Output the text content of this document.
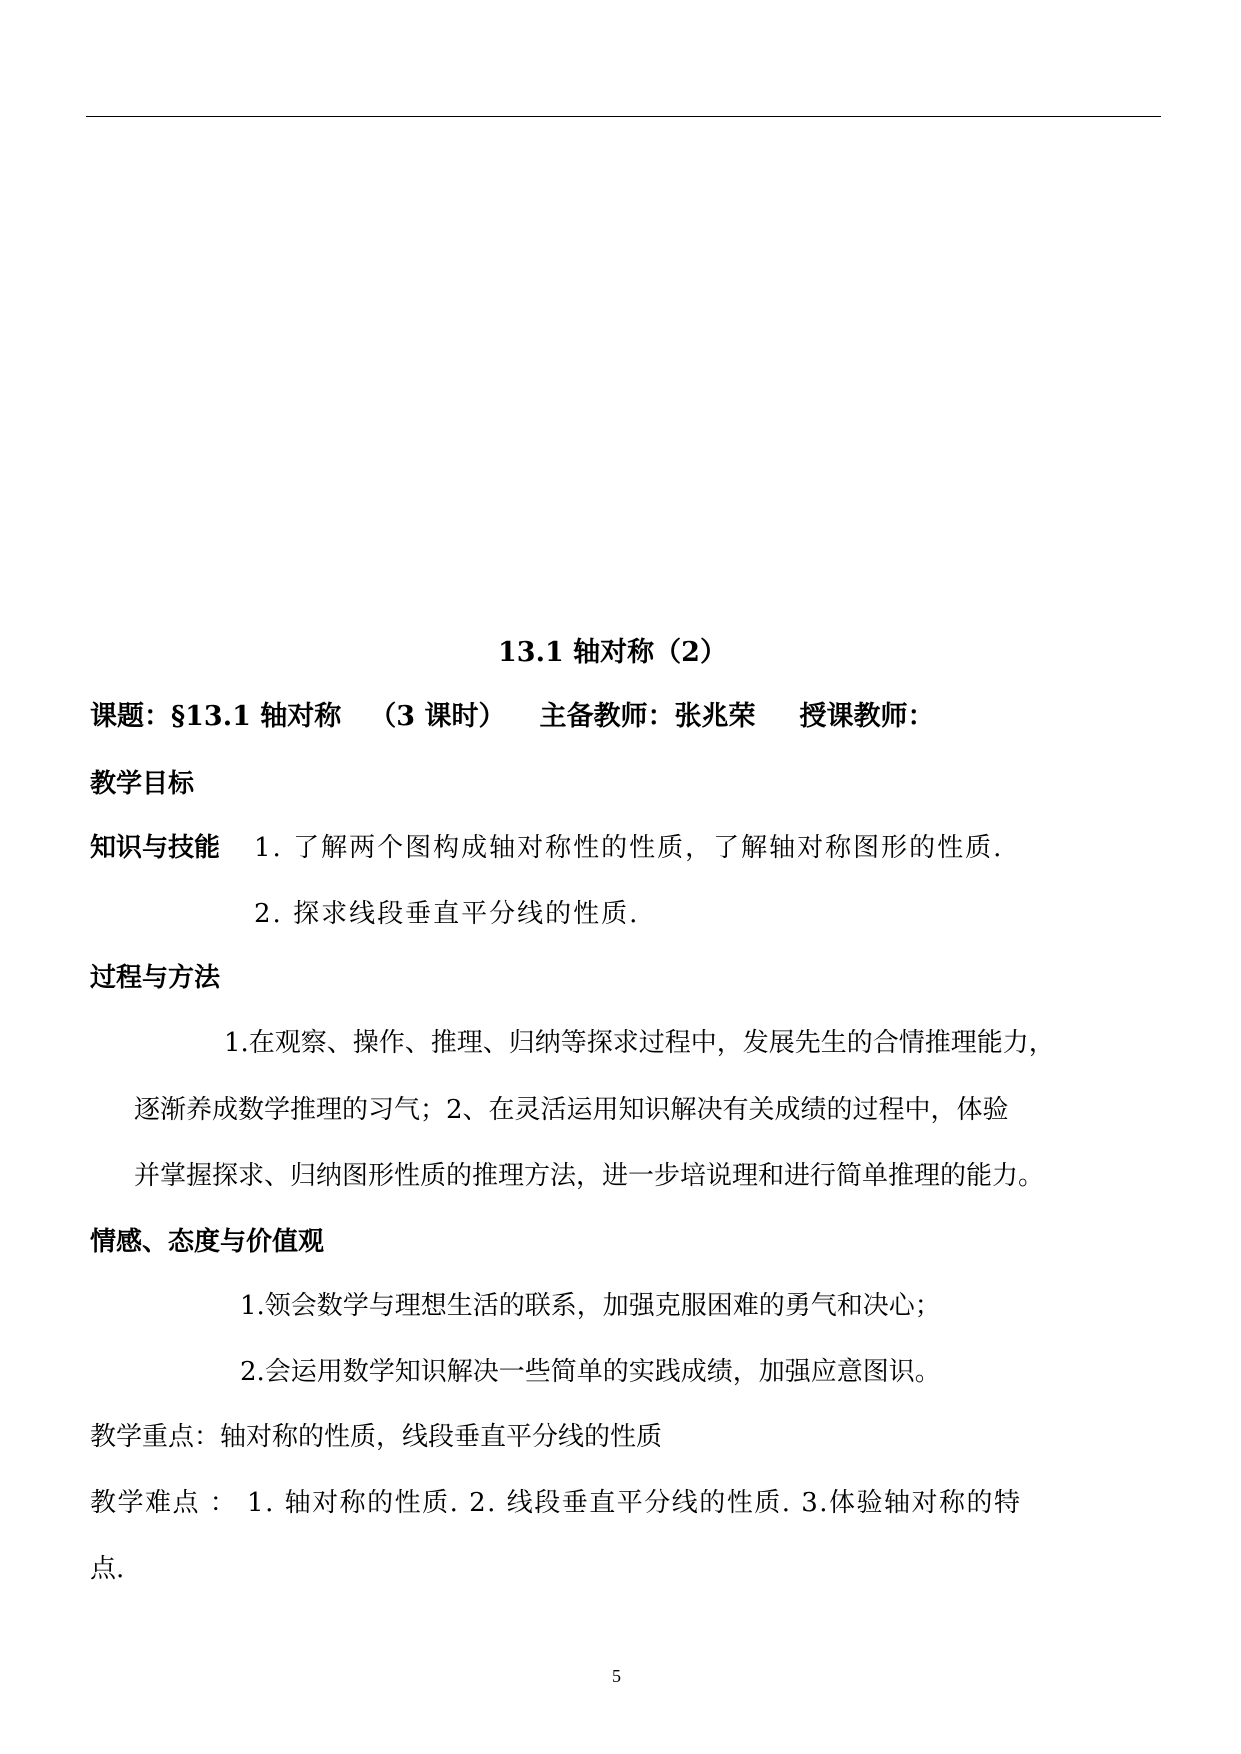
13.1 轴对称（2）
课题：§13.1 轴对称 （3 课时） 主备教师：张兆荣 授课教师：
教学目标
知识与技能 1. 了解两个图构成轴对称性的性质，了解轴对称图形的性质.
2. 探求线段垂直平分线的性质.
过程与方法
1.在观察、操作、推理、归纳等探求过程中，发展先生的合情推理能力，
逐渐养成数学推理的习气；2、在灵活运用知识解决有关成绩的过程中，体验
并掌握探求、归纳图形性质的推理方法，进一步培说理和进行简单推理的能力。
情感、态度与价值观
1.领会数学与理想生活的联系，加强克服困难的勇气和决心；
2.会运用数学知识解决一些简单的实践成绩，加强应意图识。
教学重点：轴对称的性质，线段垂直平分线的性质
教学难点 ： 1. 轴对称的性质. 2. 线段垂直平分线的性质. 3.体验轴对称的特
点.
5
